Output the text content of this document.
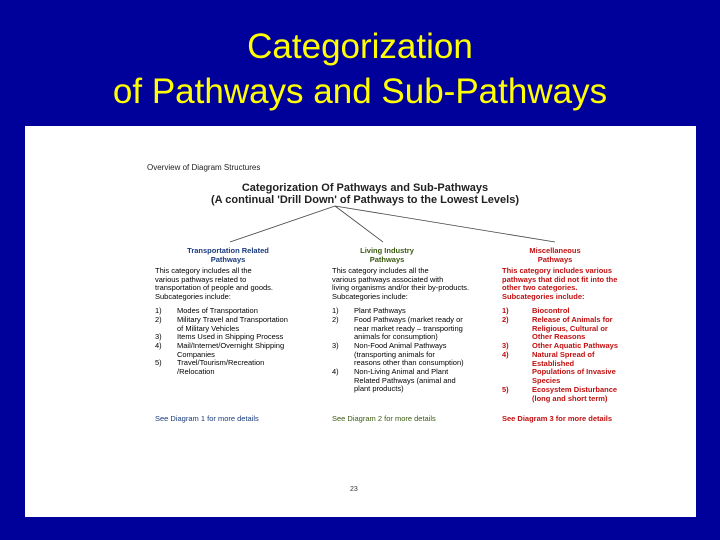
Categorization
of Pathways and Sub-Pathways
Overview of Diagram Structures
Categorization Of Pathways and Sub-Pathways
(A continual 'Drill Down' of Pathways to the Lowest Levels)
Transportation Related
Pathways
This category includes all the
various pathways related to
transportation of people and goods.
Subcategories include:
1) Modes of Transportation
2) Military Travel and Transportation
of Military Vehicles
3) Items Used in Shipping Process
4) Mail/Internet/Overnight Shipping
Companies
5) Travel/Tourism/Recreation
/Relocation
See Diagram 1 for more details
Living Industry
Pathways
This category includes all the
various pathways associated with
living organisms and/or their by-products.
Subcategories include:
1) Plant Pathways
2) Food Pathways (market ready or
near market ready – transporting
animals for consumption)
3) Non-Food Animal Pathways
(transporting animals for
reasons other than consumption)
4) Non-Living Animal and Plant
Related Pathways (animal and
plant products)
See Diagram 2 for more details
Miscellaneous
Pathways
This category includes various
pathways that did not fit into the
other two categories.
Subcategories include:
1)	Biocontrol
2)	Release of Animals for
Religious, Cultural or
Other Reasons
3)	Other Aquatic Pathways
4)	Natural Spread of
Established
Populations of Invasive
Species
5)	Ecosystem Disturbance
(long and short term)
See Diagram 3 for more details
23
